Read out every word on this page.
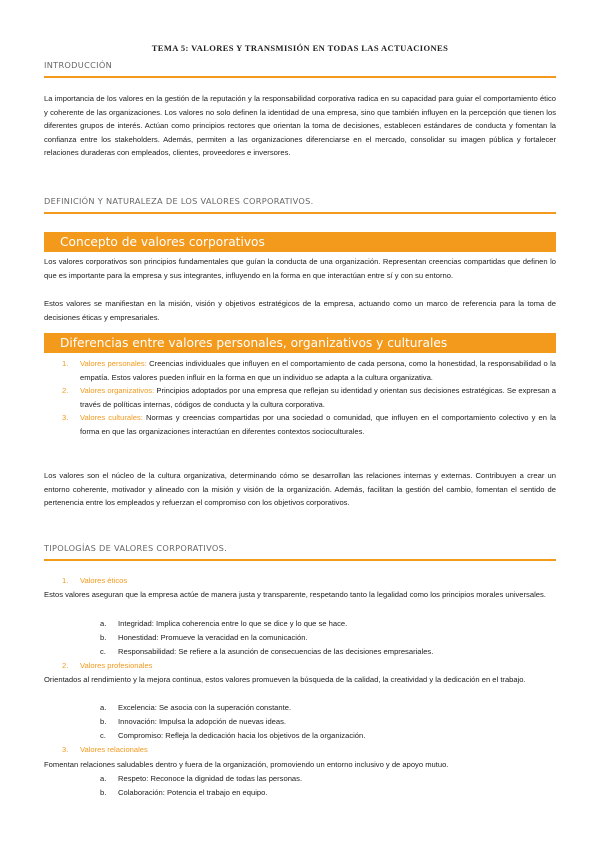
TEMA 5: VALORES Y TRANSMISIÓN EN TODAS LAS ACTUACIONES
INTRODUCCIÓN
La importancia de los valores en la gestión de la reputación y la responsabilidad corporativa radica en su capacidad para guiar el comportamiento ético y coherente de las organizaciones. Los valores no solo definen la identidad de una empresa, sino que también influyen en la percepción que tienen los diferentes grupos de interés. Actúan como principios rectores que orientan la toma de decisiones, establecen estándares de conducta y fomentan la confianza entre los stakeholders. Además, permiten a las organizaciones diferenciarse en el mercado, consolidar su imagen pública y fortalecer relaciones duraderas con empleados, clientes, proveedores e inversores.
DEFINICIÓN Y NATURALEZA DE LOS VALORES CORPORATIVOS.
Concepto de valores corporativos
Los valores corporativos son principios fundamentales que guían la conducta de una organización. Representan creencias compartidas que definen lo que es importante para la empresa y sus integrantes, influyendo en la forma en que interactúan entre sí y con su entorno.
Estos valores se manifiestan en la misión, visión y objetivos estratégicos de la empresa, actuando como un marco de referencia para la toma de decisiones éticas y empresariales.
Diferencias entre valores personales, organizativos y culturales
1. Valores personales: Creencias individuales que influyen en el comportamiento de cada persona, como la honestidad, la responsabilidad o la empatía. Estos valores pueden influir en la forma en que un individuo se adapta a la cultura organizativa.
2. Valores organizativos: Principios adoptados por una empresa que reflejan su identidad y orientan sus decisiones estratégicas. Se expresan a través de políticas internas, códigos de conducta y la cultura corporativa.
3. Valores culturales: Normas y creencias compartidas por una sociedad o comunidad, que influyen en el comportamiento colectivo y en la forma en que las organizaciones interactúan en diferentes contextos socioculturales.
Los valores son el núcleo de la cultura organizativa, determinando cómo se desarrollan las relaciones internas y externas. Contribuyen a crear un entorno coherente, motivador y alineado con la misión y visión de la organización. Además, facilitan la gestión del cambio, fomentan el sentido de pertenencia entre los empleados y refuerzan el compromiso con los objetivos corporativos.
TIPOLOGÍAS DE VALORES CORPORATIVOS.
1. Valores éticos
Estos valores aseguran que la empresa actúe de manera justa y transparente, respetando tanto la legalidad como los principios morales universales.
a. Integridad: Implica coherencia entre lo que se dice y lo que se hace.
b. Honestidad: Promueve la veracidad en la comunicación.
c. Responsabilidad: Se refiere a la asunción de consecuencias de las decisiones empresariales.
2. Valores profesionales
Orientados al rendimiento y la mejora continua, estos valores promueven la búsqueda de la calidad, la creatividad y la dedicación en el trabajo.
a. Excelencia: Se asocia con la superación constante.
b. Innovación: Impulsa la adopción de nuevas ideas.
c. Compromiso: Refleja la dedicación hacia los objetivos de la organización.
3. Valores relacionales
Fomentan relaciones saludables dentro y fuera de la organización, promoviendo un entorno inclusivo y de apoyo mutuo.
a. Respeto: Reconoce la dignidad de todas las personas.
b. Colaboración: Potencia el trabajo en equipo.
